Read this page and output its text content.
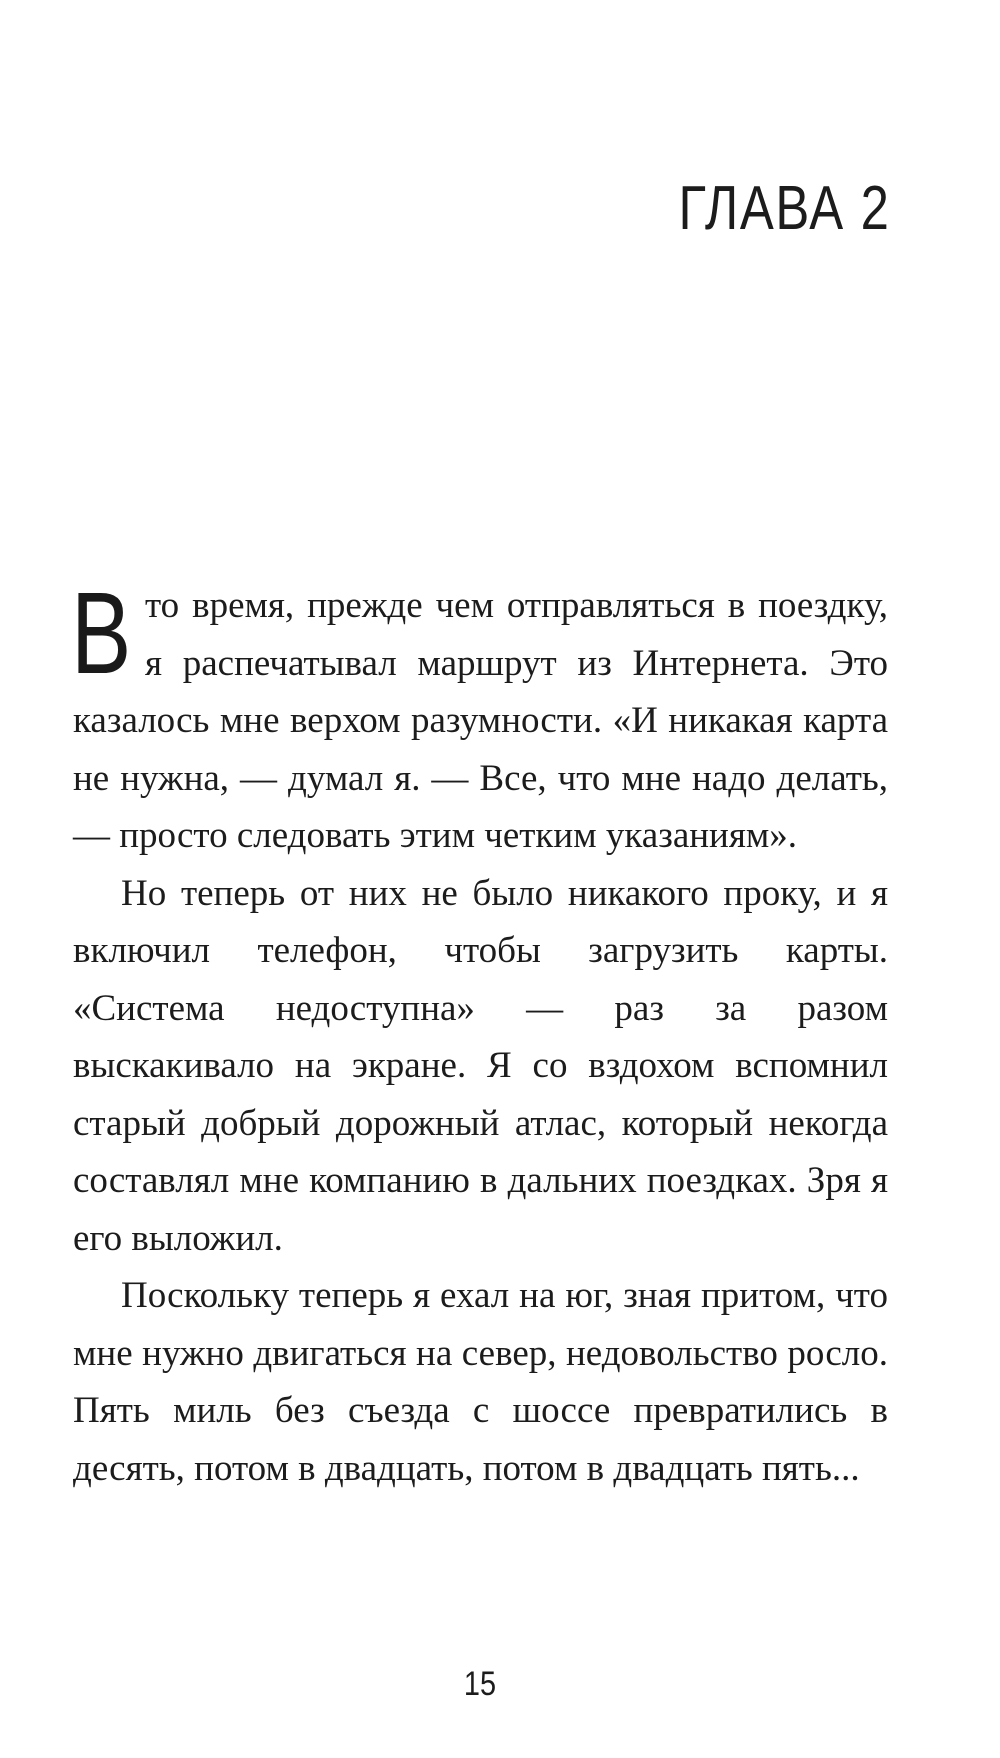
ГЛАВА 2

Вто время, прежде чем отправляться в поездку, я распечатывал маршрут из Интернета. Это казалось мне верхом разумности. «И никакая карта не нужна, — думал я. — Все, что мне надо делать, — просто следовать этим четким указаниям».

Но теперь от них не было никакого проку, и я включил телефон, чтобы загрузить карты. «Система недоступна» — раз за разом выскакивало на экране. Я со вздохом вспомнил старый добрый дорожный атлас, который некогда составлял мне компанию в дальних поездках. Зря я его выложил.

Поскольку теперь я ехал на юг, зная притом, что мне нужно двигаться на север, недовольство росло. Пять миль без съезда с шоссе превратились в десять, потом в двадцать, потом в двадцать пять...

15
